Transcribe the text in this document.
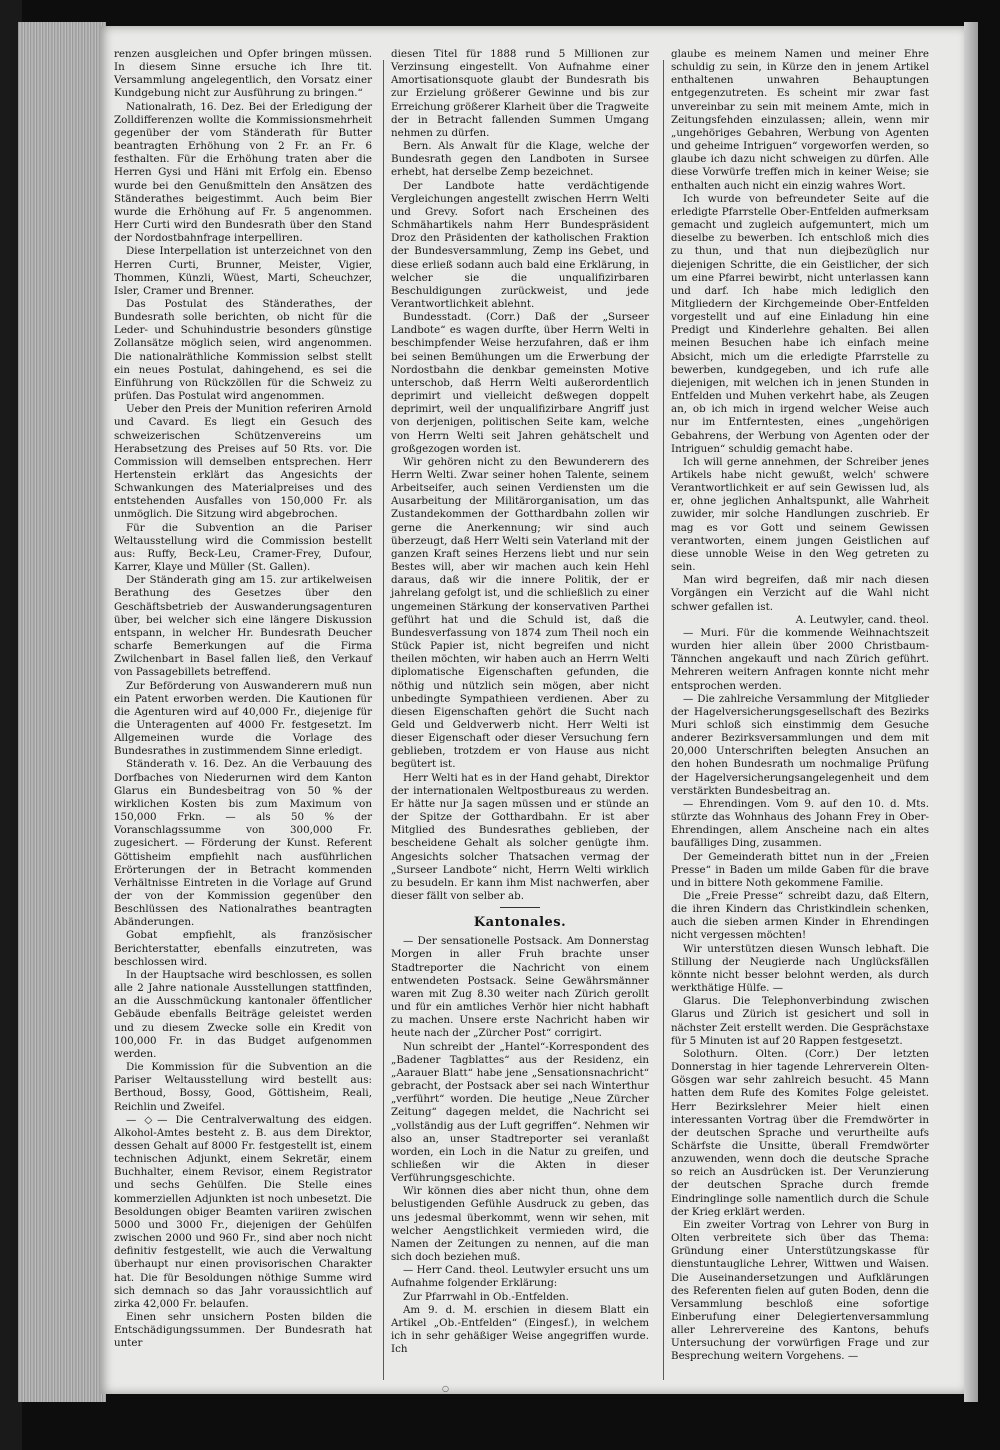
renzen ausgleichen und Opfer bringen müssen. In diesem Sinne ersuche ich Ihre tit. Versammlung angelegentlich, den Vorsatz einer Kundgebung nicht zur Ausführung zu bringen.“

Nationalrath, 16. Dez. Bei der Erledigung der Zolldifferenzen wollte die Kommissionsmehrheit gegenüber der vom Ständerath für Butter beantragten Erhöhung von 2 Fr. an Fr. 6 festhalten. Für die Erhöhung traten aber die Herren Gysi und Häni mit Erfolg ein. Ebenso wurde bei den Genußmitteln den Ansätzen des Ständerathes beigestimmt. Auch beim Bier wurde die Erhöhung auf Fr. 5 angenommen. Herr Curti wird den Bundesrath über den Stand der Nordostbahnfrage interpelliren.

Diese Interpellation ist unterzeichnet von den Herren Curti, Brunner, Meister, Vigier, Thommen, Künzli, Wüest, Marti, Scheuchzer, Isler, Cramer und Brenner.

Das Postulat des Ständerathes, der Bundesrath solle berichten, ob nicht für die Leder- und Schuhindustrie besonders günstige Zollansätze möglich seien, wird angenommen. Die nationalräthliche Kommission selbst stellt ein neues Postulat, dahingehend, es sei die Einführung von Rückzöllen für die Schweiz zu prüfen. Das Postulat wird angenommen.

Ueber den Preis der Munition referiren Arnold und Cavard. Es liegt ein Gesuch des schweizerischen Schützenvereins um Herabsetzung des Preises auf 50 Rts. vor. Die Commission will demselben entsprechen. Herr Hertenstein erklärt das Angesichts der Schwankungen des Materialpreises und des entstehenden Ausfalles von 150,000 Fr. als unmöglich. Die Sitzung wird abgebrochen.

Für die Subvention an die Pariser Weltausstellung wird die Commission bestellt aus: Ruffy, Beck-Leu, Cramer-Frey, Dufour, Karrer, Klaye und Müller (St. Gallen).

Der Ständerath ging am 15. zur artikelweisen Berathung des Gesetzes über den Geschäftsbetrieb der Auswanderungsagenturen über, bei welcher sich eine längere Diskussion entspann, in welcher Hr. Bundesrath Deucher scharfe Bemerkungen auf die Firma Zwilchenbart in Basel fallen ließ, den Verkauf von Passagebillets betreffend.

Zur Beförderung von Auswanderern muß nun ein Patent erworben werden. Die Kautionen für die Agenturen wird auf 40,000 Fr., diejenige für die Unteragenten auf 4000 Fr. festgesetzt. Im Allgemeinen wurde die Vorlage des Bundesrathes in zustimmendem Sinne erledigt.

Ständerath v. 16. Dez. An die Verbauung des Dorfbaches von Niederurnen wird dem Kanton Glarus ein Bundesbeitrag von 50 % der wirklichen Kosten bis zum Maximum von 150,000 Frkn. — als 50 % der Voranschlagssumme von 300,000 Fr. zugesichert. — Förderung der Kunst. Referent Göttisheim empfiehlt nach ausführlichen Erörterungen der in Betracht kommenden Verhältnisse Eintreten in die Vorlage auf Grund der von der Kommission gegenüber den Beschlüssen des Nationalrathes beantragten Abänderungen.

Gobat empfiehlt, als französischer Berichterstatter, ebenfalls einzutreten, was beschlossen wird.

In der Hauptsache wird beschlossen, es sollen alle 2 Jahre nationale Ausstellungen stattfinden, an die Ausschmückung kantonaler öffentlicher Gebäude ebenfalls Beiträge geleistet werden und zu diesem Zwecke solle ein Kredit von 100,000 Fr. in das Budget aufgenommen werden.

Die Kommission für die Subvention an die Pariser Weltausstellung wird bestellt aus: Berthoud, Bossy, Good, Göttisheim, Reali, Reichlin und Zweifel.

— ◇— Die Centralverwaltung des eidgen. Alkohol-Amtes besteht z. B. aus dem Direktor, dessen Gehalt auf 8000 Fr. festgestellt ist, einem technischen Adjunkt, einem Sekretär, einem Buchhalter, einem Revisor, einem Registrator und sechs Gehülfen. Die Stelle eines kommerziellen Adjunkten ist noch unbesetzt. Die Besoldungen obiger Beamten variiren zwischen 5000 und 3000 Fr., diejenigen der Gehülfen zwischen 2000 und 960 Fr., sind aber noch nicht definitiv festgestellt, wie auch die Verwaltung überhaupt nur einen provisorischen Charakter hat. Die für Besoldungen nöthige Summe wird sich demnach so das Jahr voraussichtlich auf zirka 42,000 Fr. belaufen.

Einen sehr unsichern Posten bilden die Entschädigungssummen. Der Bundesrath hat unter

diesen Titel für 1888 rund 5 Millionen zur Verzinsung eingestellt. Von Aufnahme einer Amortisationsquote glaubt der Bundesrath bis zur Erzielung größerer Gewinne und bis zur Erreichung größerer Klarheit über die Tragweite der in Betracht fallenden Summen Umgang nehmen zu dürfen.

Bern. Als Anwalt für die Klage, welche der Bundesrath gegen den Landboten in Sursee erhebt, hat derselbe Zemp bezeichnet.

Der Landbote hatte verdächtigende Vergleichungen angestellt zwischen Herrn Welti und Grevy. Sofort nach Erscheinen des Schmähartikels nahm Herr Bundespräsident Droz den Präsidenten der katholischen Fraktion der Bundesversammlung, Zemp ins Gebet, und diese erließ sodann auch bald eine Erklärung, in welcher sie die unqualifizirbaren Beschuldigungen zurückweist, und jede Verantwortlichkeit ablehnt.

Bundesstadt. (Corr.) Daß der „Surseer Landbote“ es wagen durfte, über Herrn Welti in beschimpfender Weise herzufahren, daß er ihm bei seinen Bemühungen um die Erwerbung der Nordostbahn die denkbar gemeinsten Motive unterschob, daß Herrn Welti außerordentlich deprimirt und vielleicht deßwegen doppelt deprimirt, weil der unqualifizirbare Angriff just von derjenigen, politischen Seite kam, welche von Herrn Welti seit Jahren gehätschelt und großgezogen worden ist.

Wir gehören nicht zu den Bewunderern des Herrn Welti. Zwar seiner hohen Talente, seinem Arbeitseifer, auch seinen Verdiensten um die Ausarbeitung der Militärorganisation, um das Zustandekommen der Gotthardbahn zollen wir gerne die Anerkennung; wir sind auch überzeugt, daß Herr Welti sein Vaterland mit der ganzen Kraft seines Herzens liebt und nur sein Bestes will, aber wir machen auch kein Hehl daraus, daß wir die innere Politik, der er jahrelang gefolgt ist, und die schließlich zu einer ungemeinen Stärkung der konservativen Parthei geführt hat und die Schuld ist, daß die Bundesverfassung von 1874 zum Theil noch ein Stück Papier ist, nicht begreifen und nicht theilen möchten, wir haben auch an Herrn Welti diplomatische Eigenschaften gefunden, die nöthig und nützlich sein mögen, aber nicht unbedingte Sympathieen verdienen. Aber zu diesen Eigenschaften gehört die Sucht nach Geld und Geldverwerb nicht. Herr Welti ist dieser Eigenschaft oder dieser Versuchung fern geblieben, trotzdem er von Hause aus nicht begütert ist.

Herr Welti hat es in der Hand gehabt, Direktor der internationalen Weltpostbureaus zu werden. Er hätte nur Ja sagen müssen und er stünde an der Spitze der Gotthardbahn. Er ist aber Mitglied des Bundesrathes geblieben, der bescheidene Gehalt als solcher genügte ihm. Angesichts solcher Thatsachen vermag der „Surseer Landbote“ nicht, Herrn Welti wirklich zu besudeln. Er kann ihm Mist nachwerfen, aber dieser fällt von selber ab.

Kantonales.

— Der sensationelle Postsack. Am Donnerstag Morgen in aller Fruh brachte unser Stadtreporter die Nachricht von einem entwendeten Postsack. Seine Gewährsmänner waren mit Zug 8.30 weiter nach Zürich gerollt und für ein amtliches Verhör hier nicht habhaft zu machen. Unsere erste Nachricht haben wir heute nach der „Zürcher Post“ corrigirt.

Nun schreibt der „Hantel“-Korrespondent des „Badener Tagblattes“ aus der Residenz, ein „Aarauer Blatt“ habe jene „Sensationsnachricht“ gebracht, der Postsack aber sei nach Winterthur „verführt“ worden. Die heutige „Neue Zürcher Zeitung“ dagegen meldet, die Nachricht sei „vollständig aus der Luft gegriffen“. Nehmen wir also an, unser Stadtreporter sei veranlaßt worden, ein Loch in die Natur zu greifen, und schließen wir die Akten in dieser Verführungsgeschichte.

Wir können dies aber nicht thun, ohne dem belustigenden Gefühle Ausdruck zu geben, das uns jedesmal überkommt, wenn wir sehen, mit welcher Aengstlichkeit vermieden wird, die Namen der Zeitungen zu nennen, auf die man sich doch beziehen muß.

— Herr Cand. theol. Leutwyler ersucht uns um Aufnahme folgender Erklärung:

Zur Pfarrwahl in Ob.-Entfelden.

Am 9. d. M. erschien in diesem Blatt ein Artikel „Ob.-Entfelden“ (Eingesf.), in welchem ich in sehr gehäßiger Weise angegriffen wurde. Ich

glaube es meinem Namen und meiner Ehre schuldig zu sein, in Kürze den in jenem Artikel enthaltenen unwahren Behauptungen entgegenzutreten. Es scheint mir zwar fast unvereinbar zu sein mit meinem Amte, mich in Zeitungsfehden einzulassen; allein, wenn mir „ungehöriges Gebahren, Werbung von Agenten und geheime Intriguen“ vorgeworfen werden, so glaube ich dazu nicht schweigen zu dürfen. Alle diese Vorwürfe treffen mich in keiner Weise; sie enthalten auch nicht ein einzig wahres Wort.

Ich wurde von befreundeter Seite auf die erledigte Pfarrstelle Ober-Entfelden aufmerksam gemacht und zugleich aufgemuntert, mich um dieselbe zu bewerben. Ich entschloß mich dies zu thun, und that nun diejbezüglich nur diejenigen Schritte, die ein Geistlicher, der sich um eine Pfarrei bewirbt, nicht unterlassen kann und darf. Ich habe mich lediglich den Mitgliedern der Kirchgemeinde Ober-Entfelden vorgestellt und auf eine Einladung hin eine Predigt und Kinderlehre gehalten. Bei allen meinen Besuchen habe ich einfach meine Absicht, mich um die erledigte Pfarrstelle zu bewerben, kundgegeben, und ich rufe alle diejenigen, mit welchen ich in jenen Stunden in Entfelden und Muhen verkehrt habe, als Zeugen an, ob ich mich in irgend welcher Weise auch nur im Entferntesten, eines „ungehörigen Gebahrens, der Werbung von Agenten oder der Intriguen“ schuldig gemacht habe.

Ich will gerne annehmen, der Schreiber jenes Artikels habe nicht gewußt, welch' schwere Verantwortlichkeit er auf sein Gewissen lud, als er, ohne jeglichen Anhaltspunkt, alle Wahrheit zuwider, mir solche Handlungen zuschrieb. Er mag es vor Gott und seinem Gewissen verantworten, einem jungen Geistlichen auf diese unnoble Weise in den Weg getreten zu sein.

Man wird begreifen, daß mir nach diesen Vorgängen ein Verzicht auf die Wahl nicht schwer gefallen ist.

A. Leutwyler, cand. theol.

— Muri. Für die kommende Weihnachtszeit wurden hier allein über 2000 Christbaum-Tännchen angekauft und nach Zürich geführt. Mehreren weitern Anfragen konnte nicht mehr entsprochen werden.

— Die zahlreiche Versammlung der Mitglieder der Hagelversicherungsgesellschaft des Bezirks Muri schloß sich einstimmig dem Gesuche anderer Bezirksversammlungen und dem mit 20,000 Unterschriften belegten Ansuchen an den hohen Bundesrath um nochmalige Prüfung der Hagelversicherungsangelegenheit und dem verstärkten Bundesbeitrag an.

— Ehrendingen. Vom 9. auf den 10. d. Mts. stürzte das Wohnhaus des Johann Frey in Ober-Ehrendingen, allem Anscheine nach ein altes baufälliges Ding, zusammen.

Der Gemeinderath bittet nun in der „Freien Presse“ in Baden um milde Gaben für die brave und in bittere Noth gekommene Familie.

Die „Freie Presse“ schreibt dazu, daß Eltern, die ihren Kindern das Christkindlein schenken, auch die sieben armen Kinder in Ehrendingen nicht vergessen möchten!

Wir unterstützen diesen Wunsch lebhaft. Die Stillung der Neugierde nach Unglücksfällen könnte nicht besser belohnt werden, als durch werkthätige Hülfe. —

Glarus. Die Telephonverbindung zwischen Glarus und Zürich ist gesichert und soll in nächster Zeit erstellt werden. Die Gesprächstaxe für 5 Minuten ist auf 20 Rappen festgesetzt.

Solothurn. Olten. (Corr.) Der letzten Donnerstag in hier tagende Lehrerverein Olten-Gösgen war sehr zahlreich besucht. 45 Mann hatten dem Rufe des Komites Folge geleistet. Herr Bezirkslehrer Meier hielt einen interessanten Vortrag über die Fremdwörter in der deutschen Sprache und verurtheilte aufs Schärfste die Unsitte, überall Fremdwörter anzuwenden, wenn doch die deutsche Sprache so reich an Ausdrücken ist. Der Verunzierung der deutschen Sprache durch fremde Eindringlinge solle namentlich durch die Schule der Krieg erklärt werden.

Ein zweiter Vortrag von Lehrer von Burg in Olten verbreitete sich über das Thema: Gründung einer Unterstützungskasse für dienstuntaugliche Lehrer, Wittwen und Waisen. Die Auseinandersetzungen und Aufklärungen des Referenten fielen auf guten Boden, denn die Versammlung beschloß eine sofortige Einberufung einer Delegiertenversammlung aller Lehrervereine des Kantons, behufs Untersuchung der vorwürfigen Frage und zur Besprechung weitern Vorgehens. —

○
